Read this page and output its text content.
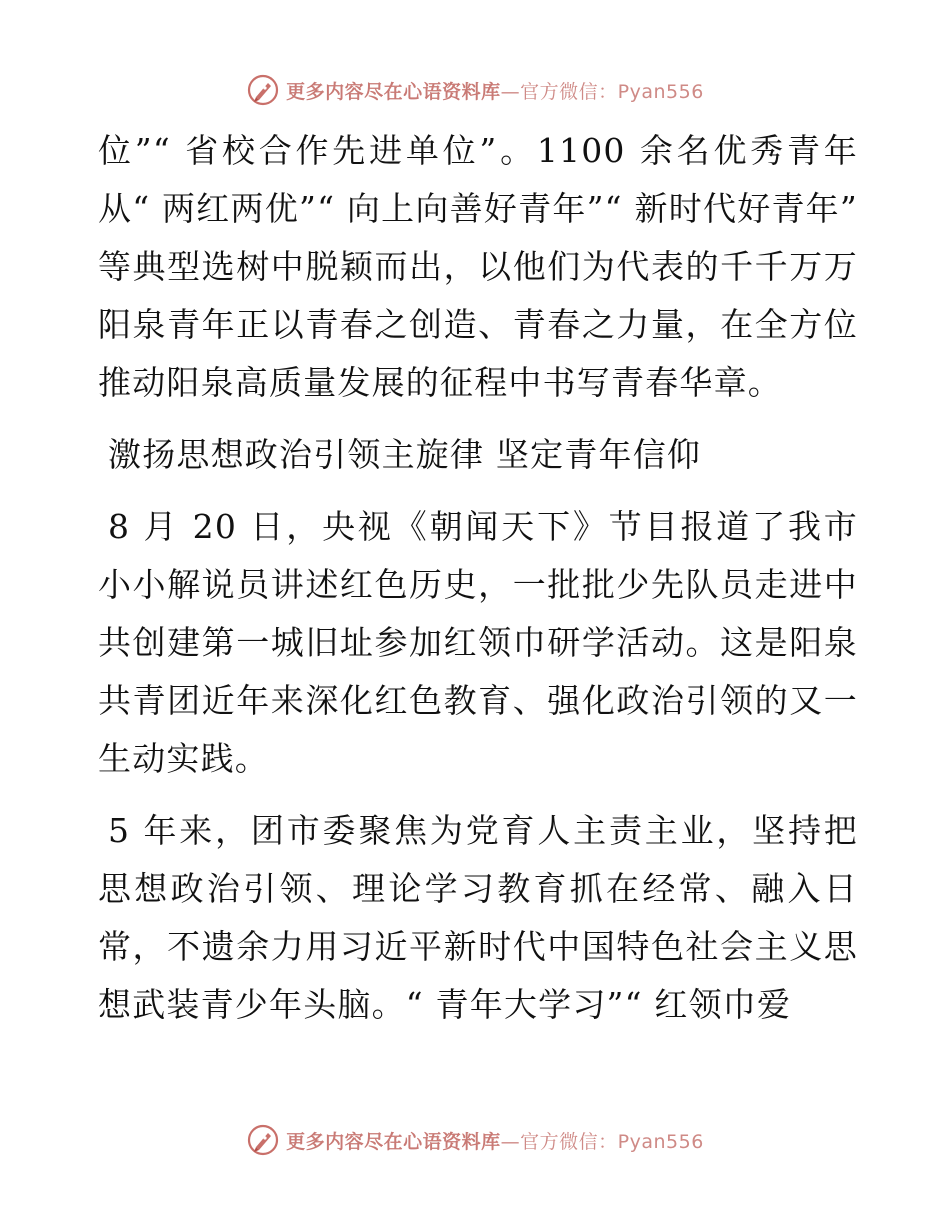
更多内容尽在心语资料库—官方微信：Pyan556

位”“ 省校合作先进单位”。1100 余名优秀青年从“ 两红两优”“ 向上向善好青年”“ 新时代好青年” 等典型选树中脱颖而出，以他们为代表的千千万万阳泉青年正以青春之创造、青春之力量，在全方位推动阳泉高质量发展的征程中书写青春华章。

激扬思想政治引领主旋律 坚定青年信仰

8 月 20 日，央视《朝闻天下》节目报道了我市小小解说员讲述红色历史，一批批少先队员走进中共创建第一城旧址参加红领巾研学活动。这是阳泉共青团近年来深化红色教育、强化政治引领的又一生动实践。

5 年来，团市委聚焦为党育人主责主业，坚持把思想政治引领、理论学习教育抓在经常、融入日常，不遗余力用习近平新时代中国特色社会主义思想武装青少年头脑。“ 青年大学习”“ 红领巾爱

更多内容尽在心语资料库—官方微信：Pyan556
